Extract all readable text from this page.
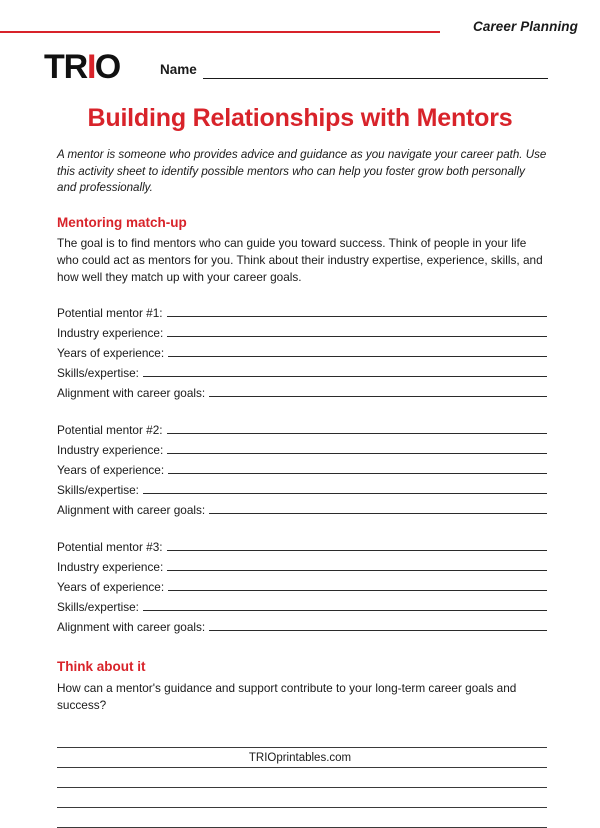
Career Planning
TR I O	Name
Building Relationships with Mentors
A mentor is someone who provides advice and guidance as you navigate your career path. Use this activity sheet to identify possible mentors who can help you foster grow both personally and professionally.
Mentoring match-up
The goal is to find mentors who can guide you toward success. Think of people in your life who could act as mentors for you. Think about their industry expertise, experience, skills, and how well they match up with your career goals.
Potential mentor #1:
Industry experience:
Years of experience:
Skills/expertise:
Alignment with career goals:
Potential mentor #2:
Industry experience:
Years of experience:
Skills/expertise:
Alignment with career goals:
Potential mentor #3:
Industry experience:
Years of experience:
Skills/expertise:
Alignment with career goals:
Think about it
How can a mentor's guidance and support contribute to your long-term career goals and success?
TRIOprintables.com
